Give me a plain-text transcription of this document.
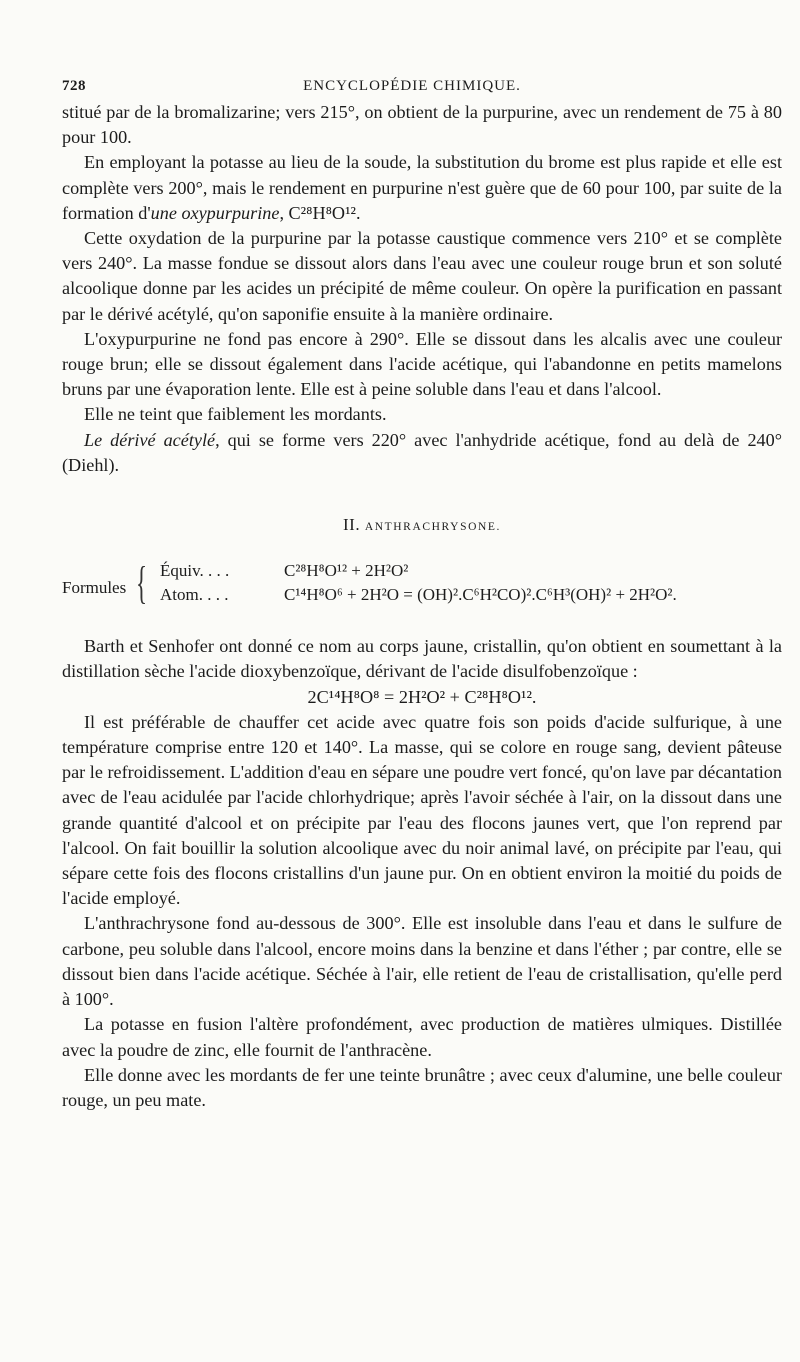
728	ENCYCLOPÉDIE CHIMIQUE.

stitué par de la bromalizarine; vers 215°, on obtient de la purpurine, avec un rendement de 75 à 80 pour 100.

En employant la potasse au lieu de la soude, la substitution du brome est plus rapide et elle est complète vers 200°, mais le rendement en purpurine n'est guère que de 60 pour 100, par suite de la formation d'une oxypurpurine, C²⁸H⁸O¹².

Cette oxydation de la purpurine par la potasse caustique commence vers 210° et se complète vers 240°. La masse fondue se dissout alors dans l'eau avec une couleur rouge brun et son soluté alcoolique donne par les acides un précipité de même couleur. On opère la purification en passant par le dérivé acétylé, qu'on saponifie ensuite à la manière ordinaire.

L'oxypurpurine ne fond pas encore à 290°. Elle se dissout dans les alcalis avec une couleur rouge brun; elle se dissout également dans l'acide acétique, qui l'abandonne en petits mamelons bruns par une évaporation lente. Elle est à peine soluble dans l'eau et dans l'alcool.

Elle ne teint que faiblement les mordants.

Le dérivé acétylé, qui se forme vers 220° avec l'anhydride acétique, fond au delà de 240° (Diehl).

II. ANTHRACHRYSONE.
Formules { Équiv. . . .	C²⁸H⁸O¹² + 2H²O²
Atom. . . .	C¹⁴H⁸O⁶ + 2H²O = (OH)².C⁶H²CO)².C⁶H³(OH)² + 2H²O².

Barth et Senhofer ont donné ce nom au corps jaune, cristallin, qu'on obtient en soumettant à la distillation sèche l'acide dioxybenzoïque, dérivant de l'acide disulfobenzoïque :

2C¹⁴H⁸O⁸ = 2H²O² + C²⁸H⁸O¹².

Il est préférable de chauffer cet acide avec quatre fois son poids d'acide sulfurique, à une température comprise entre 120 et 140°. La masse, qui se colore en rouge sang, devient pâteuse par le refroidissement. L'addition d'eau en sépare une poudre vert foncé, qu'on lave par décantation avec de l'eau acidulée par l'acide chlorhydrique; après l'avoir séchée à l'air, on la dissout dans une grande quantité d'alcool et on précipite par l'eau des flocons jaunes vert, que l'on reprend par l'alcool. On fait bouillir la solution alcoolique avec du noir animal lavé, on précipite par l'eau, qui sépare cette fois des flocons cristallins d'un jaune pur. On en obtient environ la moitié du poids de l'acide employé.

L'anthrachrysone fond au-dessous de 300°. Elle est insoluble dans l'eau et dans le sulfure de carbone, peu soluble dans l'alcool, encore moins dans la benzine et dans l'éther ; par contre, elle se dissout bien dans l'acide acétique. Séchée à l'air, elle retient de l'eau de cristallisation, qu'elle perd à 100°.

La potasse en fusion l'altère profondément, avec production de matières ulmiques. Distillée avec la poudre de zinc, elle fournit de l'anthracène.

Elle donne avec les mordants de fer une teinte brunâtre ; avec ceux d'alumine, une belle couleur rouge, un peu mate.
